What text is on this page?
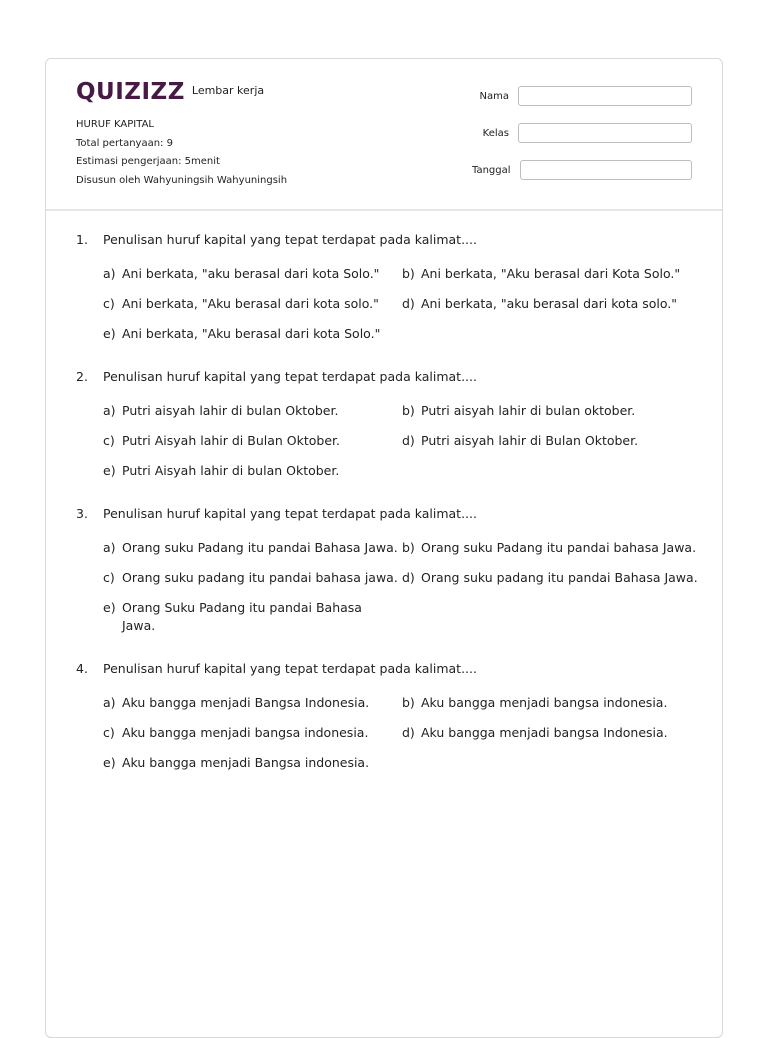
QUIZIZZ Lembar kerja
HURUF KAPITAL
Total pertanyaan: 9
Estimasi pengerjaan: 5menit
Disusun oleh Wahyuningsih Wahyuningsih
Nama
Kelas
Tanggal
1.	Penulisan huruf kapital yang tepat terdapat pada kalimat....
a) Ani berkata, "aku berasal dari kota Solo."	b) Ani berkata, "Aku berasal dari Kota Solo."
c) Ani berkata, "Aku berasal dari kota solo."	d) Ani berkata, "aku berasal dari kota solo."
e) Ani berkata, "Aku berasal dari kota Solo."
2.	Penulisan huruf kapital yang tepat terdapat pada kalimat....
a) Putri aisyah lahir di bulan Oktober.	b) Putri aisyah lahir di bulan oktober.
c) Putri Aisyah lahir di Bulan Oktober.	d) Putri aisyah lahir di Bulan Oktober.
e) Putri Aisyah lahir di bulan Oktober.
3.	Penulisan huruf kapital yang tepat terdapat pada kalimat....
a) Orang suku Padang itu pandai Bahasa Jawa. b) Orang suku Padang itu pandai bahasa Jawa.
c) Orang suku padang itu pandai bahasa jawa. d) Orang suku padang itu pandai Bahasa Jawa.
e) Orang Suku Padang itu pandai Bahasa Jawa.
4.	Penulisan huruf kapital yang tepat terdapat pada kalimat....
a) Aku bangga menjadi Bangsa Indonesia.	b) Aku bangga menjadi bangsa indonesia.
c) Aku bangga menjadi bangsa indonesia.	d) Aku bangga menjadi bangsa Indonesia.
e) Aku bangga menjadi Bangsa indonesia.
